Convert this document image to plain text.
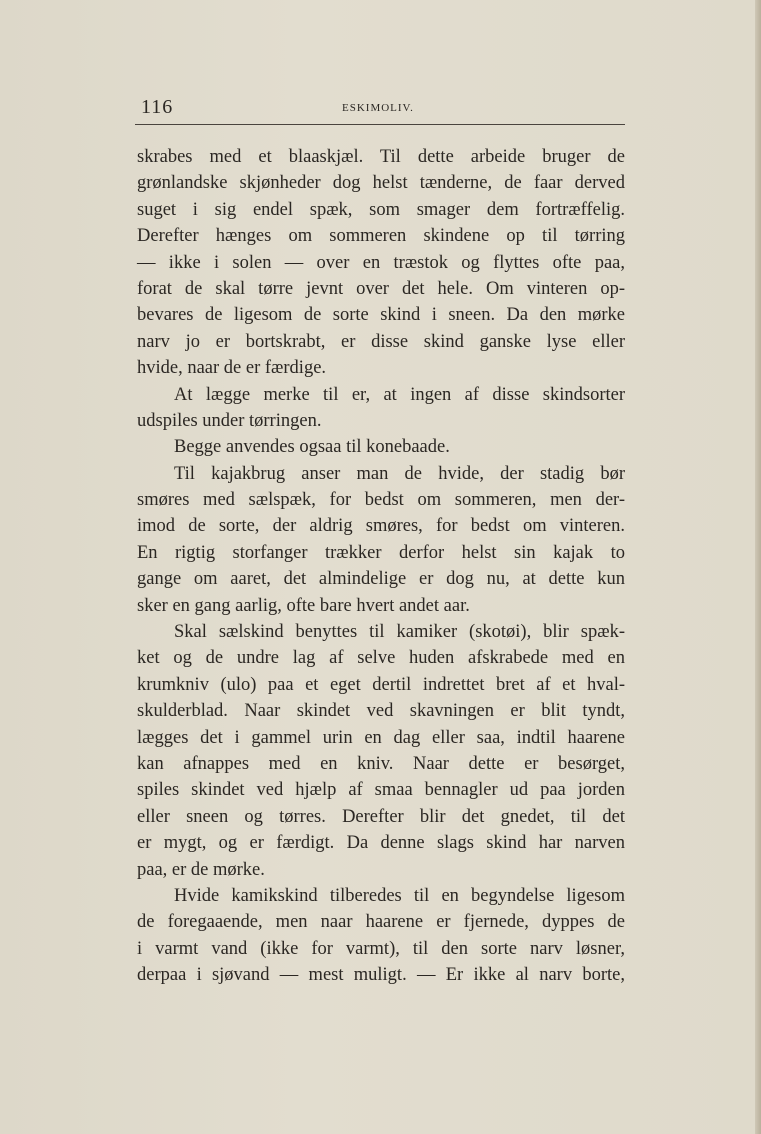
116	ESKIMOLIV.
skrabes med et blaaskjæl. Til dette arbeide bruger de
grønlandske skjønheder dog helst tænderne, de faar derved
suget i sig endel spæk, som smager dem fortræffelig.
Derefter hænges om sommeren skindene op til tørring
— ikke i solen — over en træstok og flyttes ofte paa,
forat de skal tørre jevnt over det hele. Om vinteren op-
bevares de ligesom de sorte skind i sneen. Da den mørke
narv jo er bortskrabt, er disse skind ganske lyse eller
hvide, naar de er færdige.
At lægge merke til er, at ingen af disse skindsorter
udspiles under tørringen.
Begge anvendes ogsaa til konebaade.
Til kajakbrug anser man de hvide, der stadig bør
smøres med sælspæk, for bedst om sommeren, men der-
imod de sorte, der aldrig smøres, for bedst om vinteren.
En rigtig storfanger trækker derfor helst sin kajak to
gange om aaret, det almindelige er dog nu, at dette kun
sker en gang aarlig, ofte bare hvert andet aar.
Skal sælskind benyttes til kamiker (skotøi), blir spæk-
ket og de undre lag af selve huden afskrabede med en
krumkniv (ulo) paa et eget dertil indrettet bret af et hval-
skulderblad. Naar skindet ved skavningen er blit tyndt,
lægges det i gammel urin en dag eller saa, indtil haarene
kan afnappes med en kniv. Naar dette er besørget,
spiles skindet ved hjælp af smaa bennagler ud paa jorden
eller sneen og tørres. Derefter blir det gnedet, til det
er mygt, og er færdigt. Da denne slags skind har narven
paa, er de mørke.
Hvide kamikskind tilberedes til en begyndelse ligesom
de foregaaende, men naar haarene er fjernede, dyppes de
i varmt vand (ikke for varmt), til den sorte narv løsner,
derpaa i sjøvand — mest muligt. — Er ikke al narv borte,
